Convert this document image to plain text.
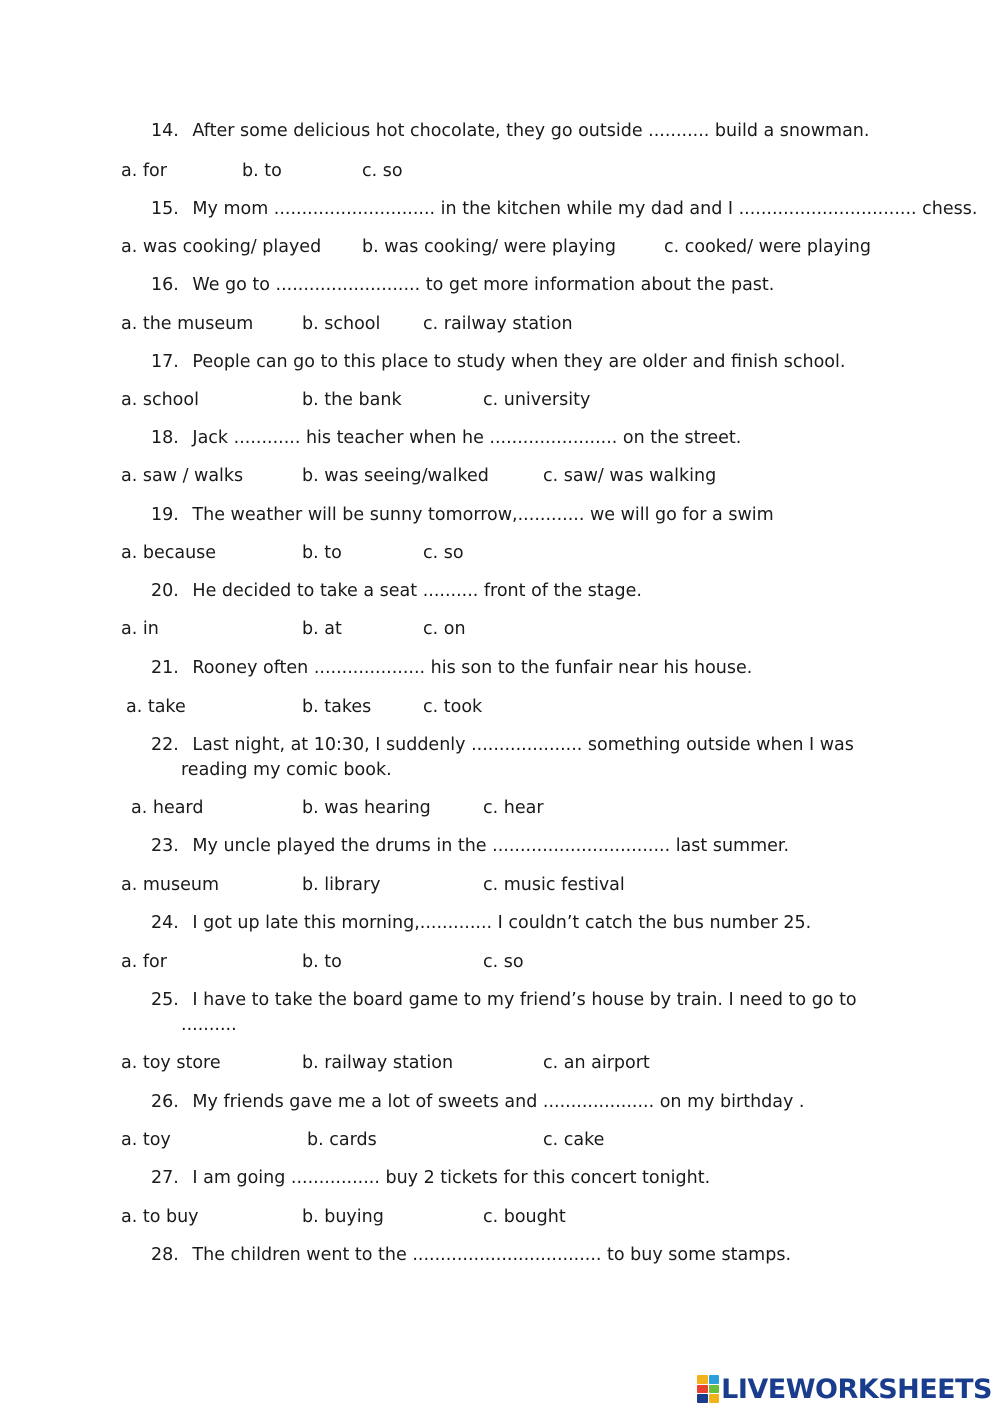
14. After some delicious hot chocolate, they go outside ........... build a snowman.
a. for	b. to	c. so
15. My mom ............................. in the kitchen while my dad and I ................................ chess.
a. was cooking/ played b. was cooking/ were playing	c. cooked/ were playing
16. We go to .......................... to get more information about the past.
a. the museum	b. school c. railway station
17. People can go to this place to study when they are older and finish school.
a. school	b. the bank	c. university
18. Jack ............ his teacher when he ....................... on the street.
a. saw / walks	b. was seeing/walked	c. saw/ was walking
19. The weather will be sunny tomorrow,............ we will go for a swim
a. because	b. to	c. so
20. He decided to take a seat .......... front of the stage.
a. in	b. at	c. on
21. Rooney often .................... his son to the funfair near his house.
a. take	b. takes	c. took
22. Last night, at 10:30, I suddenly .................... something outside when I was
reading my comic book.
a. heard	b. was hearing	c. hear
23. My uncle played the drums in the ................................ last summer.
a. museum	b. library	c. music festival
24. I got up late this morning,............. I couldn’t catch the bus number 25.
a. for	b. to	c. so
25. I have to take the board game to my friend’s house by train. I need to go to
..........
a. toy store	b. railway station	c. an airport
26. My friends gave me a lot of sweets and .................... on my birthday .
a. toy	b. cards	c. cake
27. I am going ................ buy 2 tickets for this concert tonight.
a. to buy	b. buying	c. bought
28. The children went to the .................................. to buy some stamps.
LIVEWORKSHEETS
